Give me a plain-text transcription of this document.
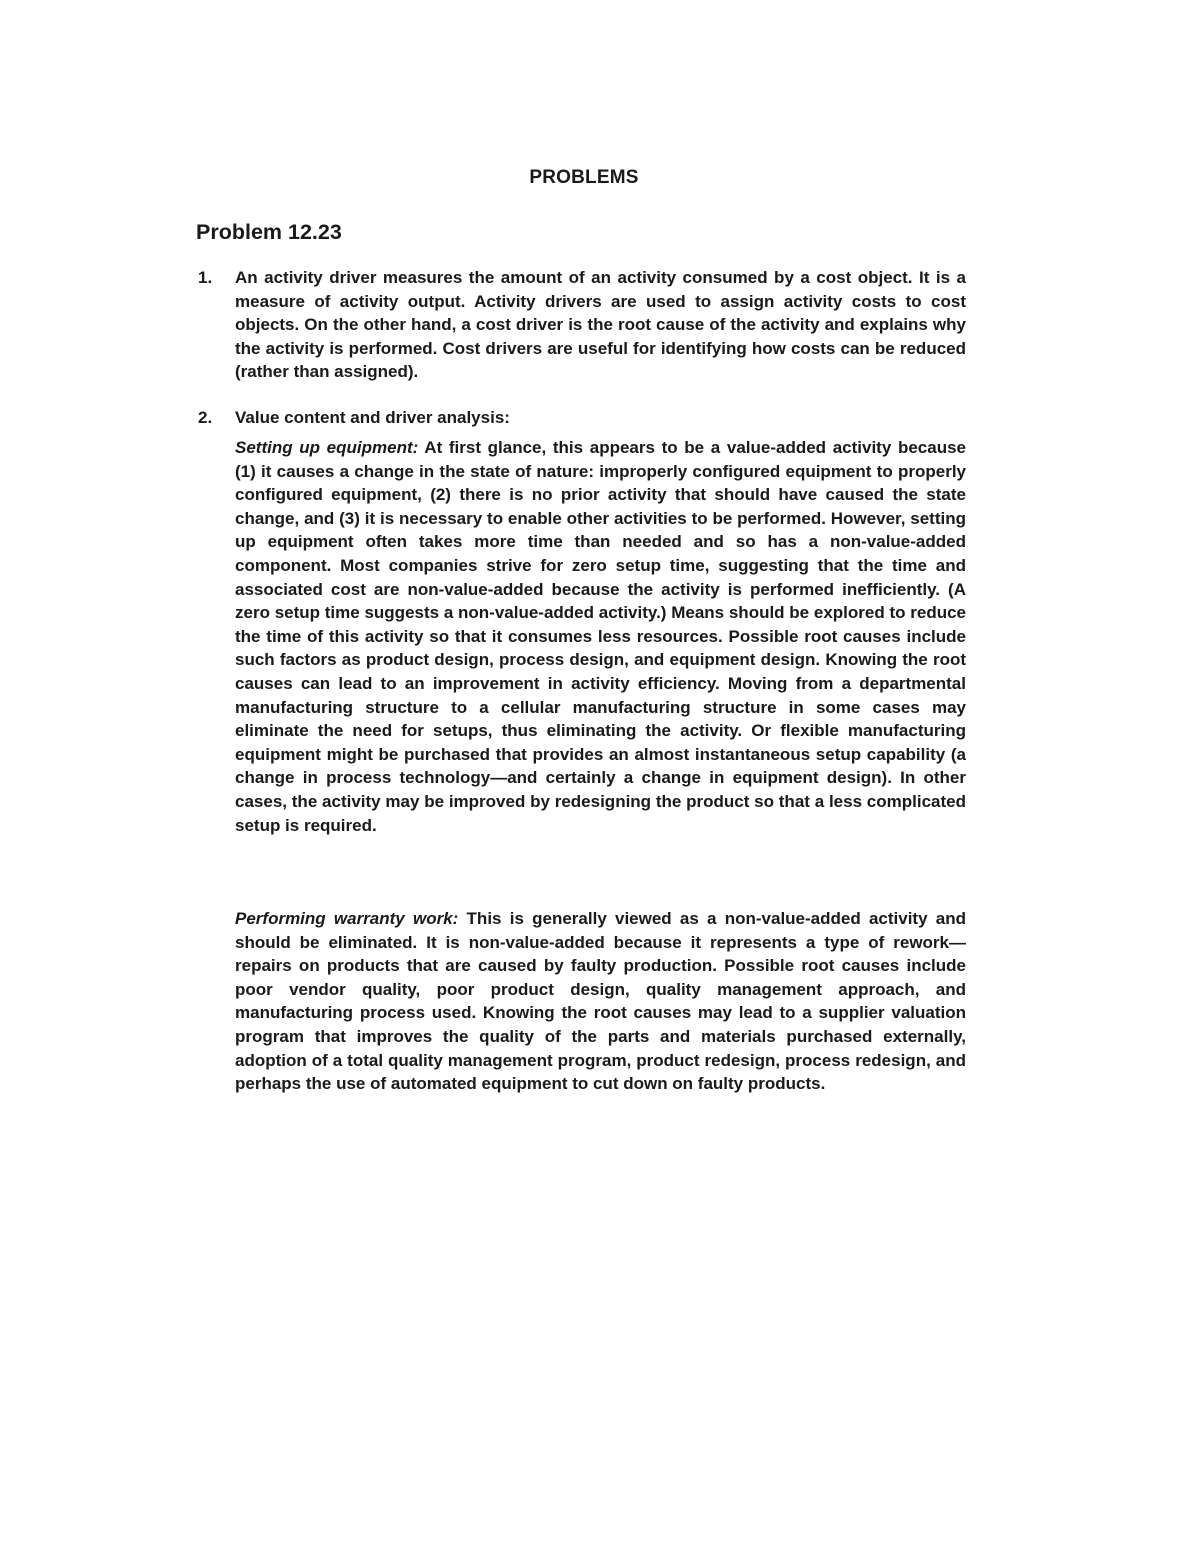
PROBLEMS
Problem 12.23
1.	An activity driver measures the amount of an activity consumed by a cost object. It is a measure of activity output. Activity drivers are used to assign activity costs to cost objects. On the other hand, a cost driver is the root cause of the activity and explains why the activity is performed. Cost drivers are useful for identifying how costs can be reduced (rather than assigned).
2.	Value content and driver analysis:
Setting up equipment: At first glance, this appears to be a value-added activity because (1) it causes a change in the state of nature: improperly configured equipment to properly configured equipment, (2) there is no prior activity that should have caused the state change, and (3) it is necessary to enable other activities to be performed. However, setting up equipment often takes more time than needed and so has a non-value-added component. Most companies strive for zero setup time, suggesting that the time and associated cost are non-value-added because the activity is performed inefficiently. (A zero setup time suggests a non-value-added activity.) Means should be explored to reduce the time of this activity so that it consumes less resources. Possible root causes include such factors as product design, process design, and equipment design. Knowing the root causes can lead to an improvement in activity efficiency. Moving from a departmental manufacturing structure to a cellular manufacturing structure in some cases may eliminate the need for setups, thus eliminating the activity. Or flexible manufacturing equipment might be purchased that provides an almost instantaneous setup capability (a change in process technology—and certainly a change in equipment design). In other cases, the activity may be improved by redesigning the product so that a less complicated setup is required.
Performing warranty work: This is generally viewed as a non-value-added activity and should be eliminated. It is non-value-added because it represents a type of rework—repairs on products that are caused by faulty production. Possible root causes include poor vendor quality, poor product design, quality management approach, and manufacturing process used. Knowing the root causes may lead to a supplier valuation program that improves the quality of the parts and materials purchased externally, adoption of a total quality management program, product redesign, process redesign, and perhaps the use of automated equipment to cut down on faulty products.
